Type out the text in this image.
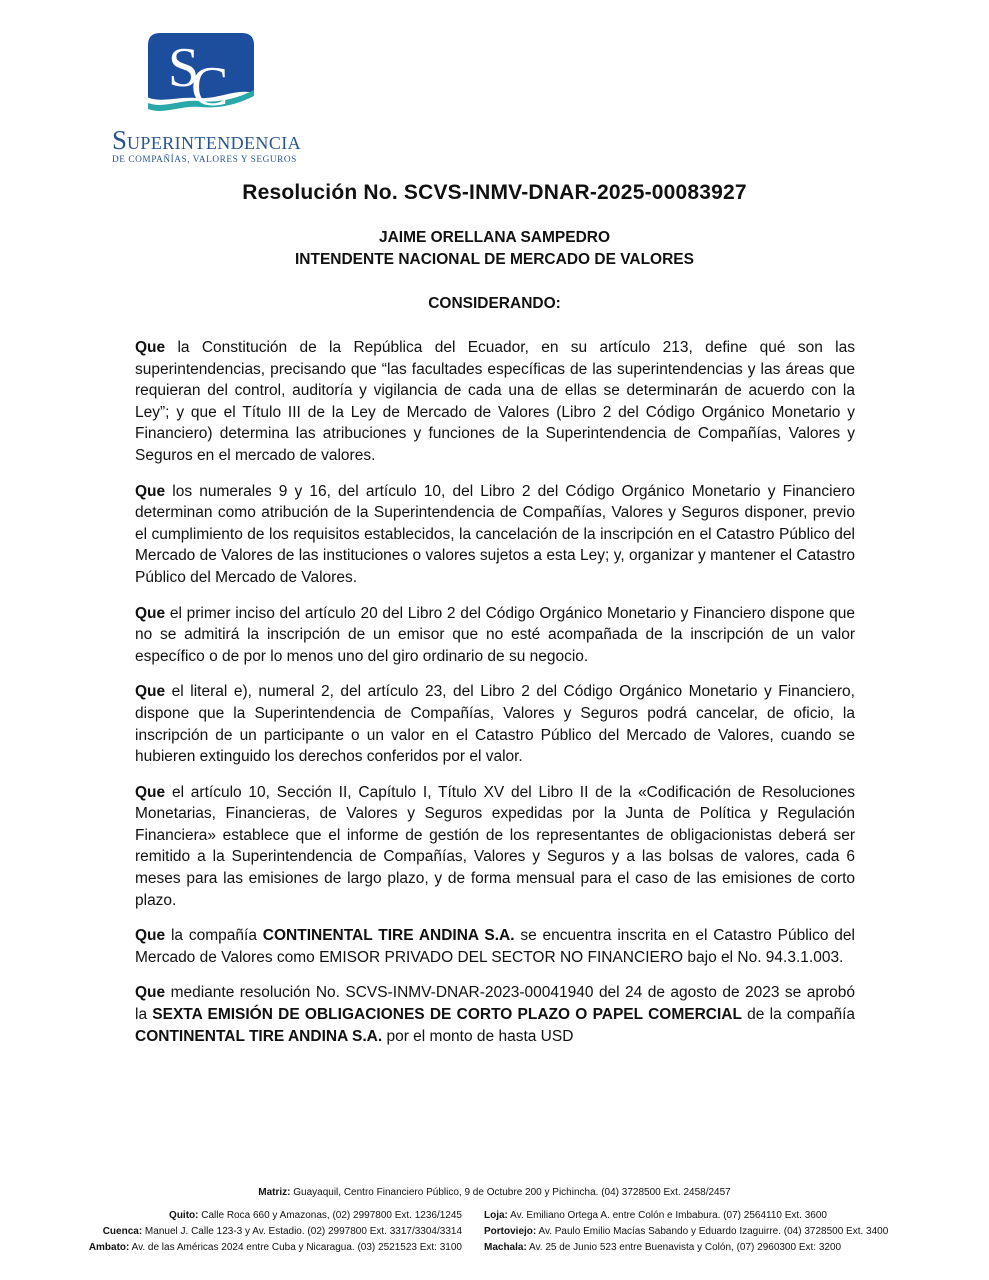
S
C
SUPERINTENDENCIA
DE COMPAÑÍAS, VALORES Y SEGUROS
Resolución No. SCVS-INMV-DNAR-2025-00083927
JAIME ORELLANA SAMPEDRO
INTENDENTE NACIONAL DE MERCADO DE VALORES
CONSIDERANDO:

Que la Constitución de la República del Ecuador, en su artículo 213, define qué son las superintendencias, precisando que “las facultades específicas de las superintendencias y las áreas que requieran del control, auditoría y vigilancia de cada una de ellas se determinarán de acuerdo con la Ley”; y que el Título III de la Ley de Mercado de Valores (Libro 2 del Código Orgánico Monetario y Financiero) determina las atribuciones y funciones de la Superintendencia de Compañías, Valores y Seguros en el mercado de valores.

Que los numerales 9 y 16, del artículo 10, del Libro 2 del Código Orgánico Monetario y Financiero determinan como atribución de la Superintendencia de Compañías, Valores y Seguros disponer, previo el cumplimiento de los requisitos establecidos, la cancelación de la inscripción en el Catastro Público del Mercado de Valores de las instituciones o valores sujetos a esta Ley; y, organizar y mantener el Catastro Público del Mercado de Valores.

Que el primer inciso del artículo 20 del Libro 2 del Código Orgánico Monetario y Financiero dispone que no se admitirá la inscripción de un emisor que no esté acompañada de la inscripción de un valor específico o de por lo menos uno del giro ordinario de su negocio.

Que el literal e), numeral 2, del artículo 23, del Libro 2 del Código Orgánico Monetario y Financiero, dispone que la Superintendencia de Compañías, Valores y Seguros podrá cancelar, de oficio, la inscripción de un participante o un valor en el Catastro Público del Mercado de Valores, cuando se hubieren extinguido los derechos conferidos por el valor.

Que el artículo 10, Sección II, Capítulo I, Título XV del Libro II de la «Codificación de Resoluciones Monetarias, Financieras, de Valores y Seguros expedidas por la Junta de Política y Regulación Financiera» establece que el informe de gestión de los representantes de obligacionistas deberá ser remitido a la Superintendencia de Compañías, Valores y Seguros y a las bolsas de valores, cada 6 meses para las emisiones de largo plazo, y de forma mensual para el caso de las emisiones de corto plazo.

Que la compañía CONTINENTAL TIRE ANDINA S.A. se encuentra inscrita en el Catastro Público del Mercado de Valores como EMISOR PRIVADO DEL SECTOR NO FINANCIERO bajo el No. 94.3.1.003.

Que mediante resolución No. SCVS-INMV-DNAR-2023-00041940 del 24 de agosto de 2023 se aprobó la SEXTA EMISIÓN DE OBLIGACIONES DE CORTO PLAZO O PAPEL COMERCIAL de la compañía CONTINENTAL TIRE ANDINA S.A. por el monto de hasta USD

Matriz: Guayaquil, Centro Financiero Público, 9 de Octubre 200 y Pichincha. (04) 3728500 Ext. 2458/2457
Quito: Calle Roca 660 y Amazonas, (02) 2997800 Ext. 1236/1245 Loja: Av. Emiliano Ortega A. entre Colón e Imbabura. (07) 2564110 Ext. 3600
Cuenca: Manuel J. Calle 123-3 y Av. Estadio. (02) 2997800 Ext. 3317/3304/3314 Portoviejo: Av. Paulo Emilio Macías Sabando y Eduardo Izaguirre. (04) 3728500 Ext. 3400
Ambato: Av. de las Américas 2024 entre Cuba y Nicaragua. (03) 2521523 Ext: 3100 Machala: Av. 25 de Junio 523 entre Buenavista y Colón, (07) 2960300 Ext: 3200
